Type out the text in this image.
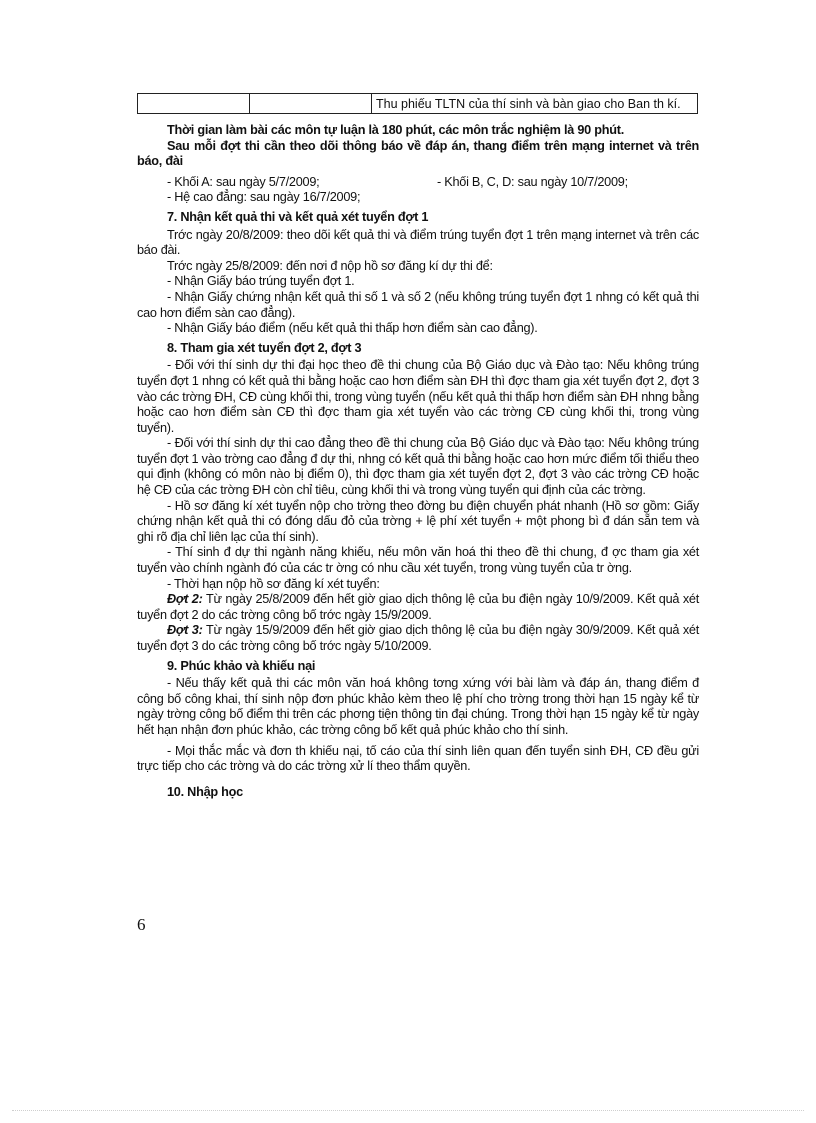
		Thu phiếu TLTN của thí sinh và bàn giao cho Ban th kí.

Thời gian làm bài các môn tự luận là 180 phút, các môn trắc nghiệm là 90 phút.

Sau mỗi đợt thi cần theo dõi thông báo về đáp án, thang điểm trên mạng internet và trên báo, đài

- Khối A: sau ngày 5/7/2009;	- Khối B, C, D: sau ngày 10/7/2009;

- Hệ cao đẳng: sau ngày 16/7/2009;

7. Nhận kết quả thi và kết quả xét tuyển đợt 1

Trớc ngày 20/8/2009: theo dõi kết quả thi và điểm trúng tuyển đợt 1 trên mạng internet và trên các báo đài.

Trớc ngày 25/8/2009: đến nơi đ nộp hồ sơ đăng kí dự thi để:

- Nhận Giấy báo trúng tuyển đợt 1.

- Nhận Giấy chứng nhận kết quả thi số 1 và số 2 (nếu không trúng tuyển đợt 1 nhng có kết quả thi cao hơn điểm sàn cao đẳng).

- Nhận Giấy báo điểm (nếu kết quả thi thấp hơn điểm sàn cao đẳng).

8. Tham gia xét tuyển đợt 2, đợt 3

- Đối với thí sinh dự thi đại học theo đề thi chung của Bộ Giáo dục và Đào tạo: Nếu không trúng tuyển đợt 1 nhng có kết quả thi bằng hoặc cao hơn điểm sàn ĐH thì đợc tham gia xét tuyển đợt 2, đợt 3 vào các trờng ĐH, CĐ cùng khối thi, trong vùng tuyển (nếu kết quả thi thấp hơn điểm sàn ĐH nhng bằng hoặc cao hơn điểm sàn CĐ thì đợc tham gia xét tuyển vào các trờng CĐ cùng khối thi, trong vùng tuyển).

- Đối với thí sinh dự thi cao đẳng theo đề thi chung của Bộ Giáo dục và Đào tạo: Nếu không trúng tuyển đợt 1 vào trờng cao đẳng đ dự thi, nhng có kết quả thi bằng hoặc cao hơn mức điểm tối thiểu theo qui định (không có môn nào bị điểm 0), thì đợc tham gia xét tuyển đợt 2, đợt 3 vào các trờng CĐ hoặc hệ CĐ của các trờng ĐH còn chỉ tiêu, cùng khối thi và trong vùng tuyển qui định của các trờng.

- Hồ sơ đăng kí xét tuyển nộp cho trờng theo đờng bu điện chuyển phát nhanh (Hồ sơ gồm: Giấy chứng nhận kết quả thi có đóng dấu đỏ của trờng + lệ phí xét tuyển + một phong bì đ dán sẵn tem và ghi rõ địa chỉ liên lạc của thí sinh).

- Thí sinh đ dự thi ngành năng khiếu, nếu môn văn hoá thi theo đề thi chung, đ ợc tham gia xét tuyển vào chính ngành đó của các tr ờng có nhu cầu xét tuyển, trong vùng tuyển của tr ờng.

- Thời hạn nộp hồ sơ đăng kí xét tuyển:

Đợt 2: Từ ngày 25/8/2009 đến hết giờ giao dịch thông lệ của bu điện ngày 10/9/2009. Kết quả xét tuyển đợt 2 do các trờng công bố trớc ngày 15/9/2009.

Đợt 3: Từ ngày 15/9/2009 đến hết giờ giao dịch thông lệ của bu điện ngày 30/9/2009. Kết quả xét tuyển đợt 3 do các trờng công bố trớc ngày 5/10/2009.

9. Phúc khảo và khiếu nại

- Nếu thấy kết quả thi các môn văn hoá không tơng xứng với bài làm và đáp án, thang điểm đ công bố công khai, thí sinh nộp đơn phúc khảo kèm theo lệ phí cho trờng trong thời hạn 15 ngày kể từ ngày trờng công bố điểm thi trên các phơng tiện thông tin đại chúng. Trong thời hạn 15 ngày kể từ ngày hết hạn nhận đơn phúc khảo, các trờng công bố kết quả phúc khảo cho thí sinh.

- Mọi thắc mắc và đơn th khiếu nại, tố cáo của thí sinh liên quan đến tuyển sinh ĐH, CĐ đều gửi trực tiếp cho các trờng và do các trờng xử lí theo thẩm quyền.

10. Nhập học

6
